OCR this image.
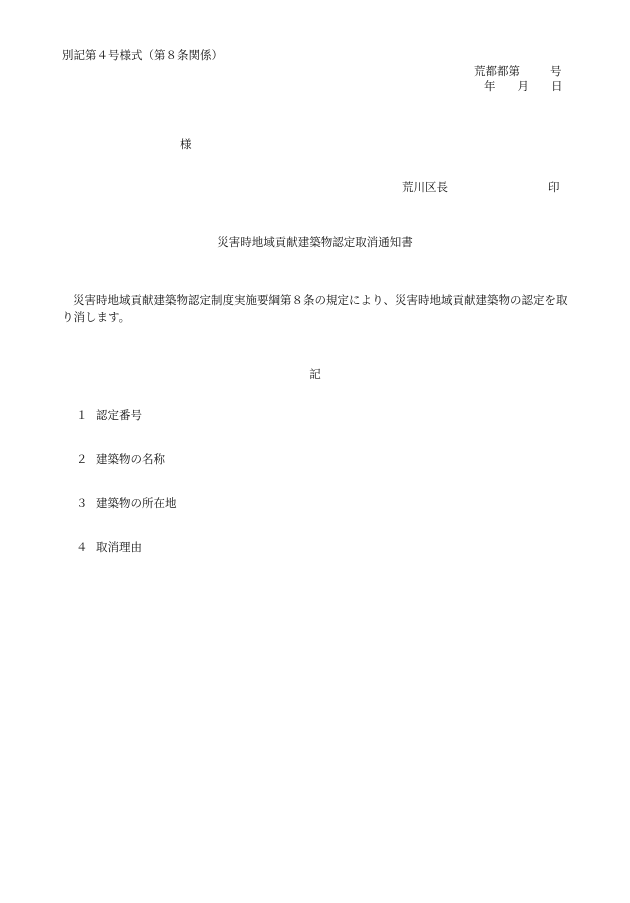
別記第４号様式（第８条関係）
荒都都第	号
年 月 日
様
荒川区長	印
災害時地域貢献建築物認定取消通知書
災害時地域貢献建築物認定制度実施要綱第８条の規定により、災害時地域貢献建築物の認定を取り消します。
記
１ 認定番号
２ 建築物の名称
３ 建築物の所在地
４ 取消理由
